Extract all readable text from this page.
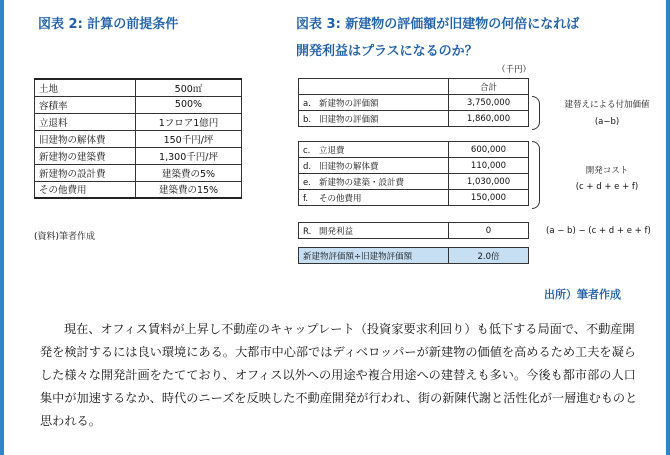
図表 2: 計算の前提条件
土地	500㎡
容積率	500%
立退料	1フロア1億円
旧建物の解体費	150千円/坪
新建物の建築費	1,300千円/坪
新建物の設計費	建築費の5%
その他費用	建築費の15%
(資料)筆者作成
図表 3: 新建物の評価額が旧建物の何倍になれば
開発利益はプラスになるのか？
（千円）
	合計
a. 新建物の評価額	3,750,000
b. 旧建物の評価額	1,860,000
c. 立退費	600,000
d. 旧建物の解体費	110,000
e. 新建物の建築・設計費	1,030,000
f. その他費用	150,000
R. 開発利益	0
新建物評価額÷旧建物評価額	2.0倍
建替えによる付加価値
(a−b)
開発コスト
(c + d + e + f)
(a − b) − (c + d + e + f)
出所）筆者作成

現在、オフィス賃料が上昇し不動産のキャップレート（投資家要求利回り）も低下する局面で、不動産開発を検討するには良い環境にある。大都市中心部ではディベロッパーが新建物の価値を高めるため工夫を凝らした様々な開発計画をたてており、オフィス以外への用途や複合用途への建替えも多い。今後も都市部の人口集中が加速するなか、時代のニーズを反映した不動産開発が行われ、街の新陳代謝と活性化が一層進むものと思われる。
